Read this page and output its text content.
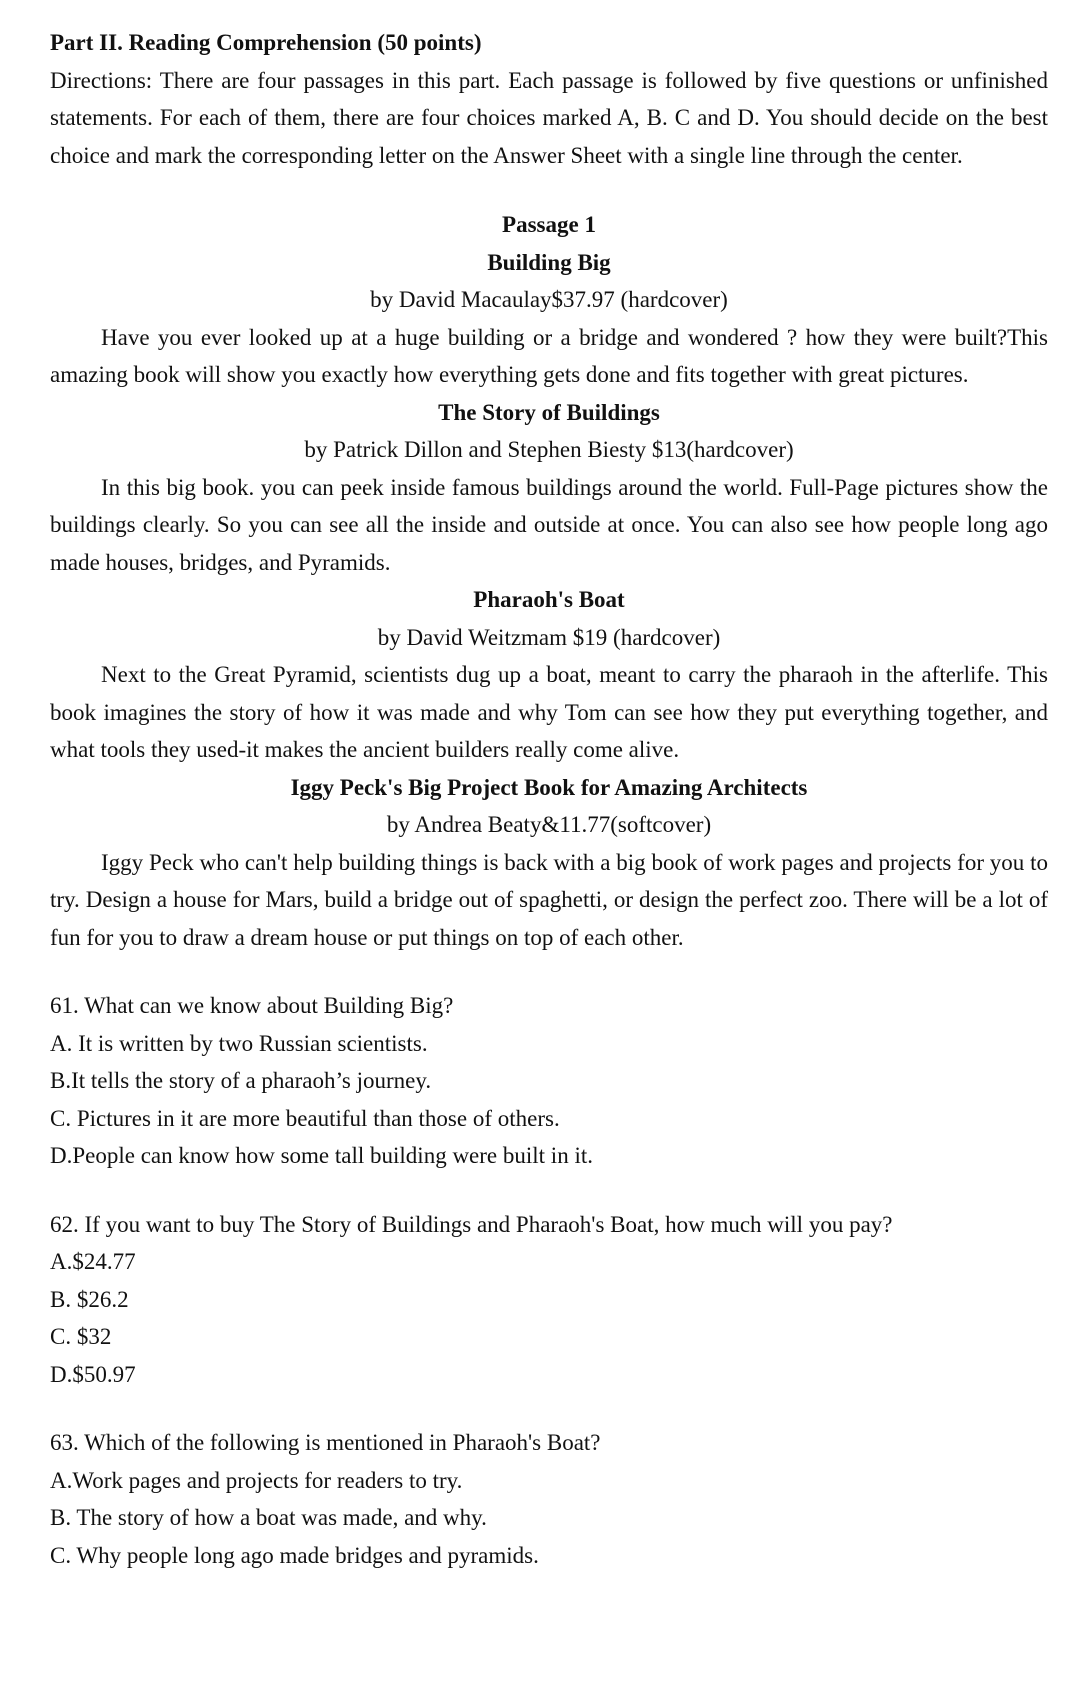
Part II. Reading Comprehension (50 points)

Directions: There are four passages in this part. Each passage is followed by five questions or unfinished statements. For each of them, there are four choices marked A, B. C and D. You should decide on the best choice and mark the corresponding letter on the Answer Sheet with a single line through the center.

Passage 1

Building Big

by David Macaulay$37.97 (hardcover)

Have you ever looked up at a huge building or a bridge and wondered ? how they were built?This amazing book will show you exactly how everything gets done and fits together with great pictures.

The Story of Buildings

by Patrick Dillon and Stephen Biesty $13(hardcover)

In this big book. you can peek inside famous buildings around the world. Full-Page pictures show the buildings clearly. So you can see all the inside and outside at once. You can also see how people long ago made houses, bridges, and Pyramids.

Pharaoh's Boat

by David Weitzmam $19 (hardcover)

Next to the Great Pyramid, scientists dug up a boat, meant to carry the pharaoh in the afterlife. This book imagines the story of how it was made and why Tom can see how they put everything together, and what tools they used-it makes the ancient builders really come alive.

Iggy Peck's Big Project Book for Amazing Architects

by Andrea Beaty&11.77(softcover)

Iggy Peck who can't help building things is back with a big book of work pages and projects for you to try. Design a house for Mars, build a bridge out of spaghetti, or design the perfect zoo. There will be a lot of fun for you to draw a dream house or put things on top of each other.

61. What can we know about Building Big?

A. It is written by two Russian scientists.

B.It tells the story of a pharaoh’s journey.

C. Pictures in it are more beautiful than those of others.

D.People can know how some tall building were built in it.

62. If you want to buy The Story of Buildings and Pharaoh's Boat, how much will you pay?

A.$24.77

B. $26.2

C. $32

D.$50.97

63. Which of the following is mentioned in Pharaoh's Boat?

A.Work pages and projects for readers to try.

B. The story of how a boat was made, and why.

C. Why people long ago made bridges and pyramids.
